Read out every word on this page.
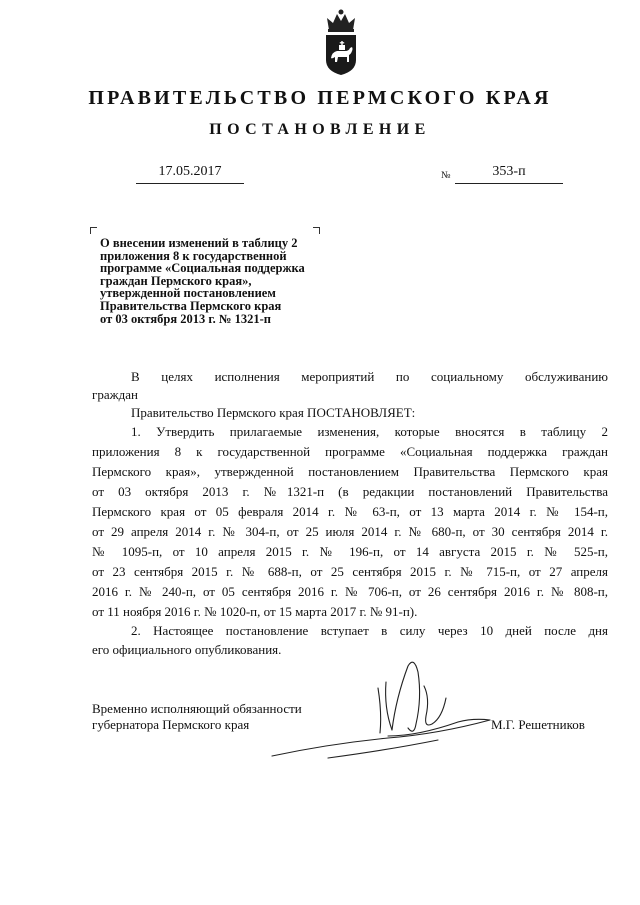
ПРАВИТЕЛЬСТВО ПЕРМСКОГО КРАЯ
ПОСТАНОВЛЕНИЕ
17.05.2017	№	353-п
О внесении изменений в таблицу 2
приложения 8 к государственной
программе «Социальная поддержка
граждан Пермского края»,
утвержденной постановлением
Правительства Пермского края
от 03 октября 2013 г. № 1321-п
В целях исполнения мероприятий по социальному обслуживанию
граждан
Правительство Пермского края ПОСТАНОВЛЯЕТ:
1. Утвердить прилагаемые изменения, которые вносятся в таблицу 2
приложения 8 к государственной программе «Социальная поддержка граждан
Пермского края», утвержденной постановлением Правительства Пермского края
от 03 октября 2013 г. №1321-п (в редакции постановлений Правительства
Пермского края от 05 февраля 2014 г. № 63-п, от 13 марта 2014 г. № 154-п,
от 29 апреля 2014 г. № 304-п, от 25 июля 2014 г. № 680-п, от 30 сентября 2014 г.
№ 1095-п, от 10 апреля 2015 г. № 196-п, от 14 августа 2015 г. № 525-п,
от 23 сентября 2015 г. № 688-п, от 25 сентября 2015 г. № 715-п, от 27 апреля
2016 г. № 240-п, от 05 сентября 2016 г. № 706-п, от 26 сентября 2016 г. № 808-п,
от 11 ноября 2016 г. № 1020-п, от 15 марта 2017 г. № 91-п).
2. Настоящее постановление вступает в силу через 10 дней после дня
его официального опубликования.
Временно исполняющий обязанности
губернатора Пермского края	М.Г. Решетников
